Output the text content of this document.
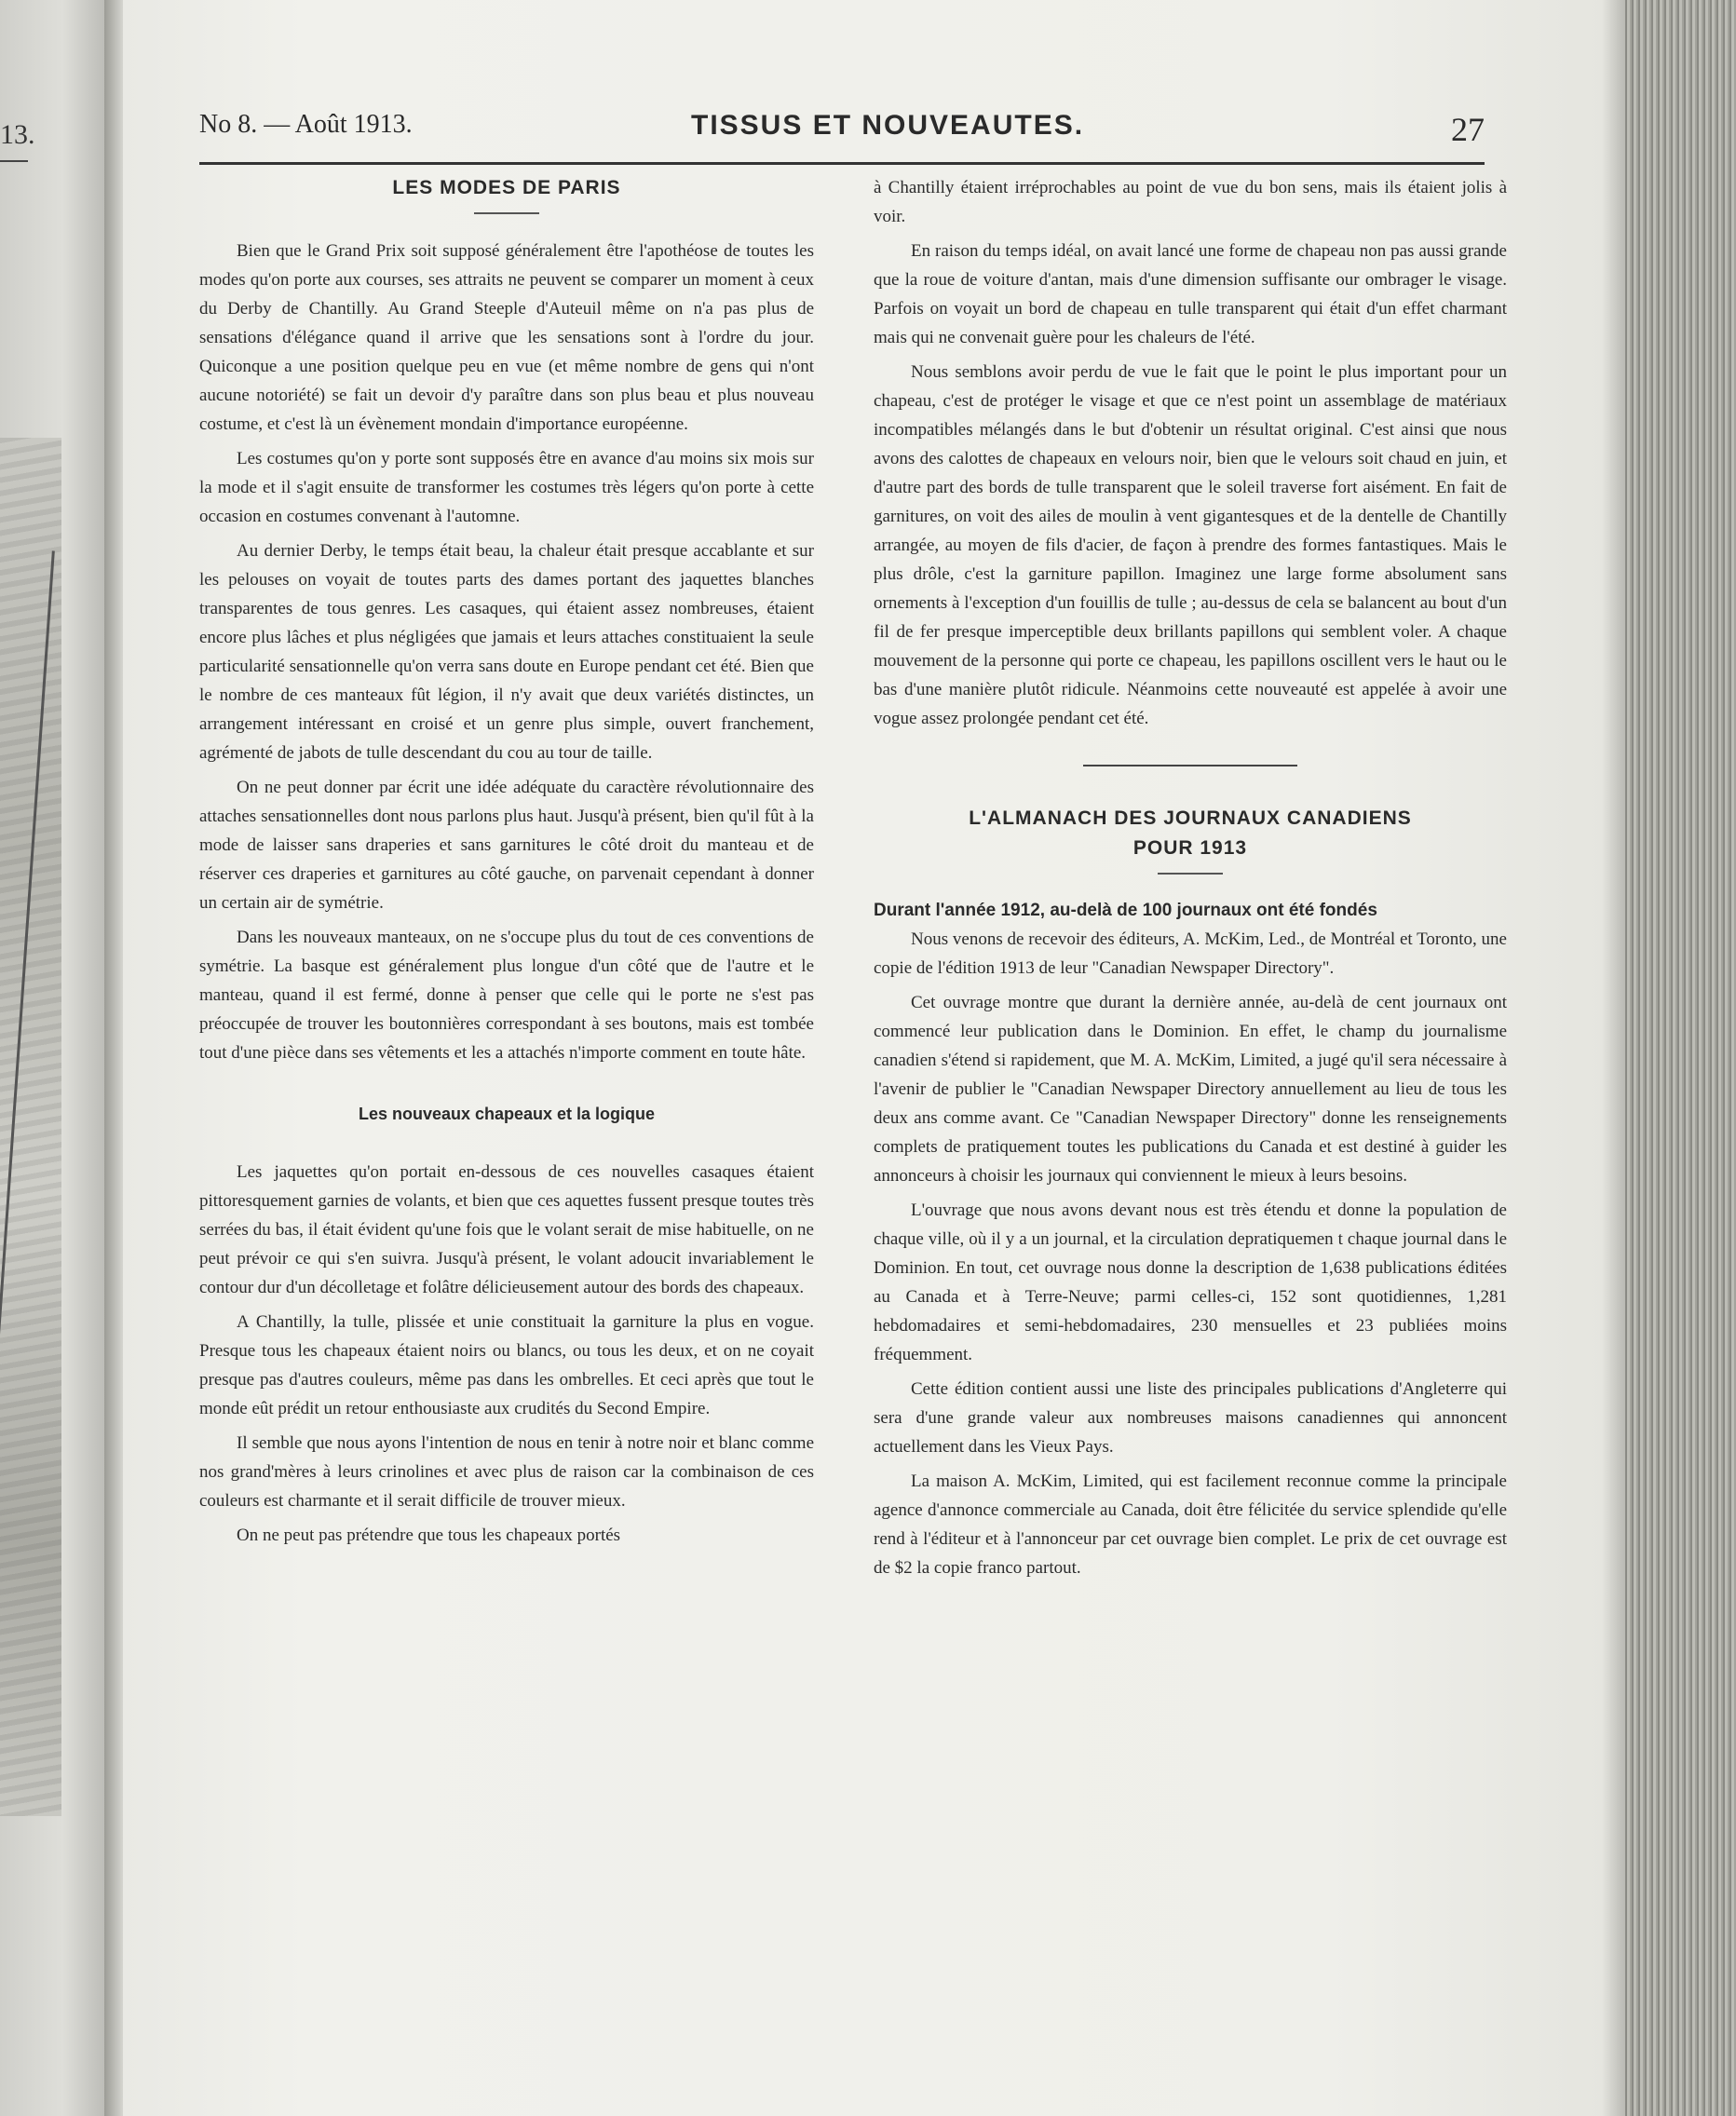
13.	No 8. — Août 1913.	TISSUS ET NOUVEAUTES.	27
LES MODES DE PARIS

Bien que le Grand Prix soit supposé généralement être l'apothéose de toutes les modes qu'on porte aux courses, ses attraits ne peuvent se comparer un moment à ceux du Derby de Chantilly. Au Grand Steeple d'Auteuil même on n'a pas plus de sensations d'élégance quand il arrive que les sensations sont à l'ordre du jour. Quiconque a une position quelque peu en vue (et même nombre de gens qui n'ont aucune notoriété) se fait un devoir d'y paraître dans son plus beau et plus nouveau costume, et c'est là un évènement mondain d'importance européenne.

Les costumes qu'on y porte sont supposés être en avance d'au moins six mois sur la mode et il s'agit ensuite de transformer les costumes très légers qu'on porte à cette occasion en costumes convenant à l'automne.

Au dernier Derby, le temps était beau, la chaleur était presque accablante et sur les pelouses on voyait de toutes parts des dames portant des jaquettes blanches transparentes de tous genres. Les casaques, qui étaient assez nombreuses, étaient encore plus lâches et plus négligées que jamais et leurs attaches constituaient la seule particularité sensationnelle qu'on verra sans doute en Europe pendant cet été. Bien que le nombre de ces manteaux fût légion, il n'y avait que deux variétés distinctes, un arrangement intéressant en croisé et un genre plus simple, ouvert franchement, agrémenté de jabots de tulle descendant du cou au tour de taille.

On ne peut donner par écrit une idée adéquate du caractère révolutionnaire des attaches sensationnelles dont nous parlons plus haut. Jusqu'à présent, bien qu'il fût à la mode de laisser sans draperies et sans garnitures le côté droit du manteau et de réserver ces draperies et garnitures au côté gauche, on parvenait cependant à donner un certain air de symétrie.

Dans les nouveaux manteaux, on ne s'occupe plus du tout de ces conventions de symétrie. La basque est généralement plus longue d'un côté que de l'autre et le manteau, quand il est fermé, donne à penser que celle qui le porte ne s'est pas préoccupée de trouver les boutonnières correspondant à ses boutons, mais est tombée tout d'une pièce dans ses vêtements et les a attachés n'importe comment en toute hâte.

Les nouveaux chapeaux et la logique

Les jaquettes qu'on portait en-dessous de ces nouvelles casaques étaient pittoresquement garnies de volants, et bien que ces aquettes fussent presque toutes très serrées du bas, il était évident qu'une fois que le volant serait de mise habituelle, on ne peut prévoir ce qui s'en suivra. Jusqu'à présent, le volant adoucit invariablement le contour dur d'un décolletage et folâtre délicieusement autour des bords des chapeaux.

A Chantilly, la tulle, plissée et unie constituait la garniture la plus en vogue. Presque tous les chapeaux étaient noirs ou blancs, ou tous les deux, et on ne coyait presque pas d'autres couleurs, même pas dans les ombrelles. Et ceci après que tout le monde eût prédit un retour enthousiaste aux crudités du Second Empire.

Il semble que nous ayons l'intention de nous en tenir à notre noir et blanc comme nos grand'mères à leurs crinolines et avec plus de raison car la combinaison de ces couleurs est charmante et il serait difficile de trouver mieux.

On ne peut pas prétendre que tous les chapeaux portés

à Chantilly étaient irréprochables au point de vue du bon sens, mais ils étaient jolis à voir.

En raison du temps idéal, on avait lancé une forme de chapeau non pas aussi grande que la roue de voiture d'antan, mais d'une dimension suffisante our ombrager le visage. Parfois on voyait un bord de chapeau en tulle transparent qui était d'un effet charmant mais qui ne convenait guère pour les chaleurs de l'été.

Nous semblons avoir perdu de vue le fait que le point le plus important pour un chapeau, c'est de protéger le visage et que ce n'est point un assemblage de matériaux incompatibles mélangés dans le but d'obtenir un résultat original. C'est ainsi que nous avons des calottes de chapeaux en velours noir, bien que le velours soit chaud en juin, et d'autre part des bords de tulle transparent que le soleil traverse fort aisément. En fait de garnitures, on voit des ailes de moulin à vent gigantesques et de la dentelle de Chantilly arrangée, au moyen de fils d'acier, de façon à prendre des formes fantastiques. Mais le plus drôle, c'est la garniture papillon. Imaginez une large forme absolument sans ornements à l'exception d'un fouillis de tulle ; au-dessus de cela se balancent au bout d'un fil de fer presque imperceptible deux brillants papillons qui semblent voler. A chaque mouvement de la personne qui porte ce chapeau, les papillons oscillent vers le haut ou le bas d'une manière plutôt ridicule. Néanmoins cette nouveauté est appelée à avoir une vogue assez prolongée pendant cet été.

L'ALMANACH DES JOURNAUX CANADIENS
POUR 1913
Durant l'année 1912, au-delà de 100 journaux ont été fondés

Nous venons de recevoir des éditeurs, A. McKim, Led., de Montréal et Toronto, une copie de l'édition 1913 de leur "Canadian Newspaper Directory".

Cet ouvrage montre que durant la dernière année, au-delà de cent journaux ont commencé leur publication dans le Dominion. En effet, le champ du journalisme canadien s'étend si rapidement, que M. A. McKim, Limited, a jugé qu'il sera nécessaire à l'avenir de publier le "Canadian Newspaper Directory annuellement au lieu de tous les deux ans comme avant. Ce "Canadian Newspaper Directory" donne les renseignements complets de pratiquement toutes les publications du Canada et est destiné à guider les annonceurs à choisir les journaux qui conviennent le mieux à leurs besoins.

L'ouvrage que nous avons devant nous est très étendu et donne la population de chaque ville, où il y a un journal, et la circulation depratiquemen t chaque journal dans le Dominion. En tout, cet ouvrage nous donne la description de 1,638 publications éditées au Canada et à Terre-Neuve; parmi celles-ci, 152 sont quotidiennes, 1,281 hebdomadaires et semi-hebdomadaires, 230 mensuelles et 23 publiées moins fréquemment.

Cette édition contient aussi une liste des principales publications d'Angleterre qui sera d'une grande valeur aux nombreuses maisons canadiennes qui annoncent actuellement dans les Vieux Pays.

La maison A. McKim, Limited, qui est facilement reconnue comme la principale agence d'annonce commerciale au Canada, doit être félicitée du service splendide qu'elle rend à l'éditeur et à l'annonceur par cet ouvrage bien complet. Le prix de cet ouvrage est de $2 la copie franco partout.
